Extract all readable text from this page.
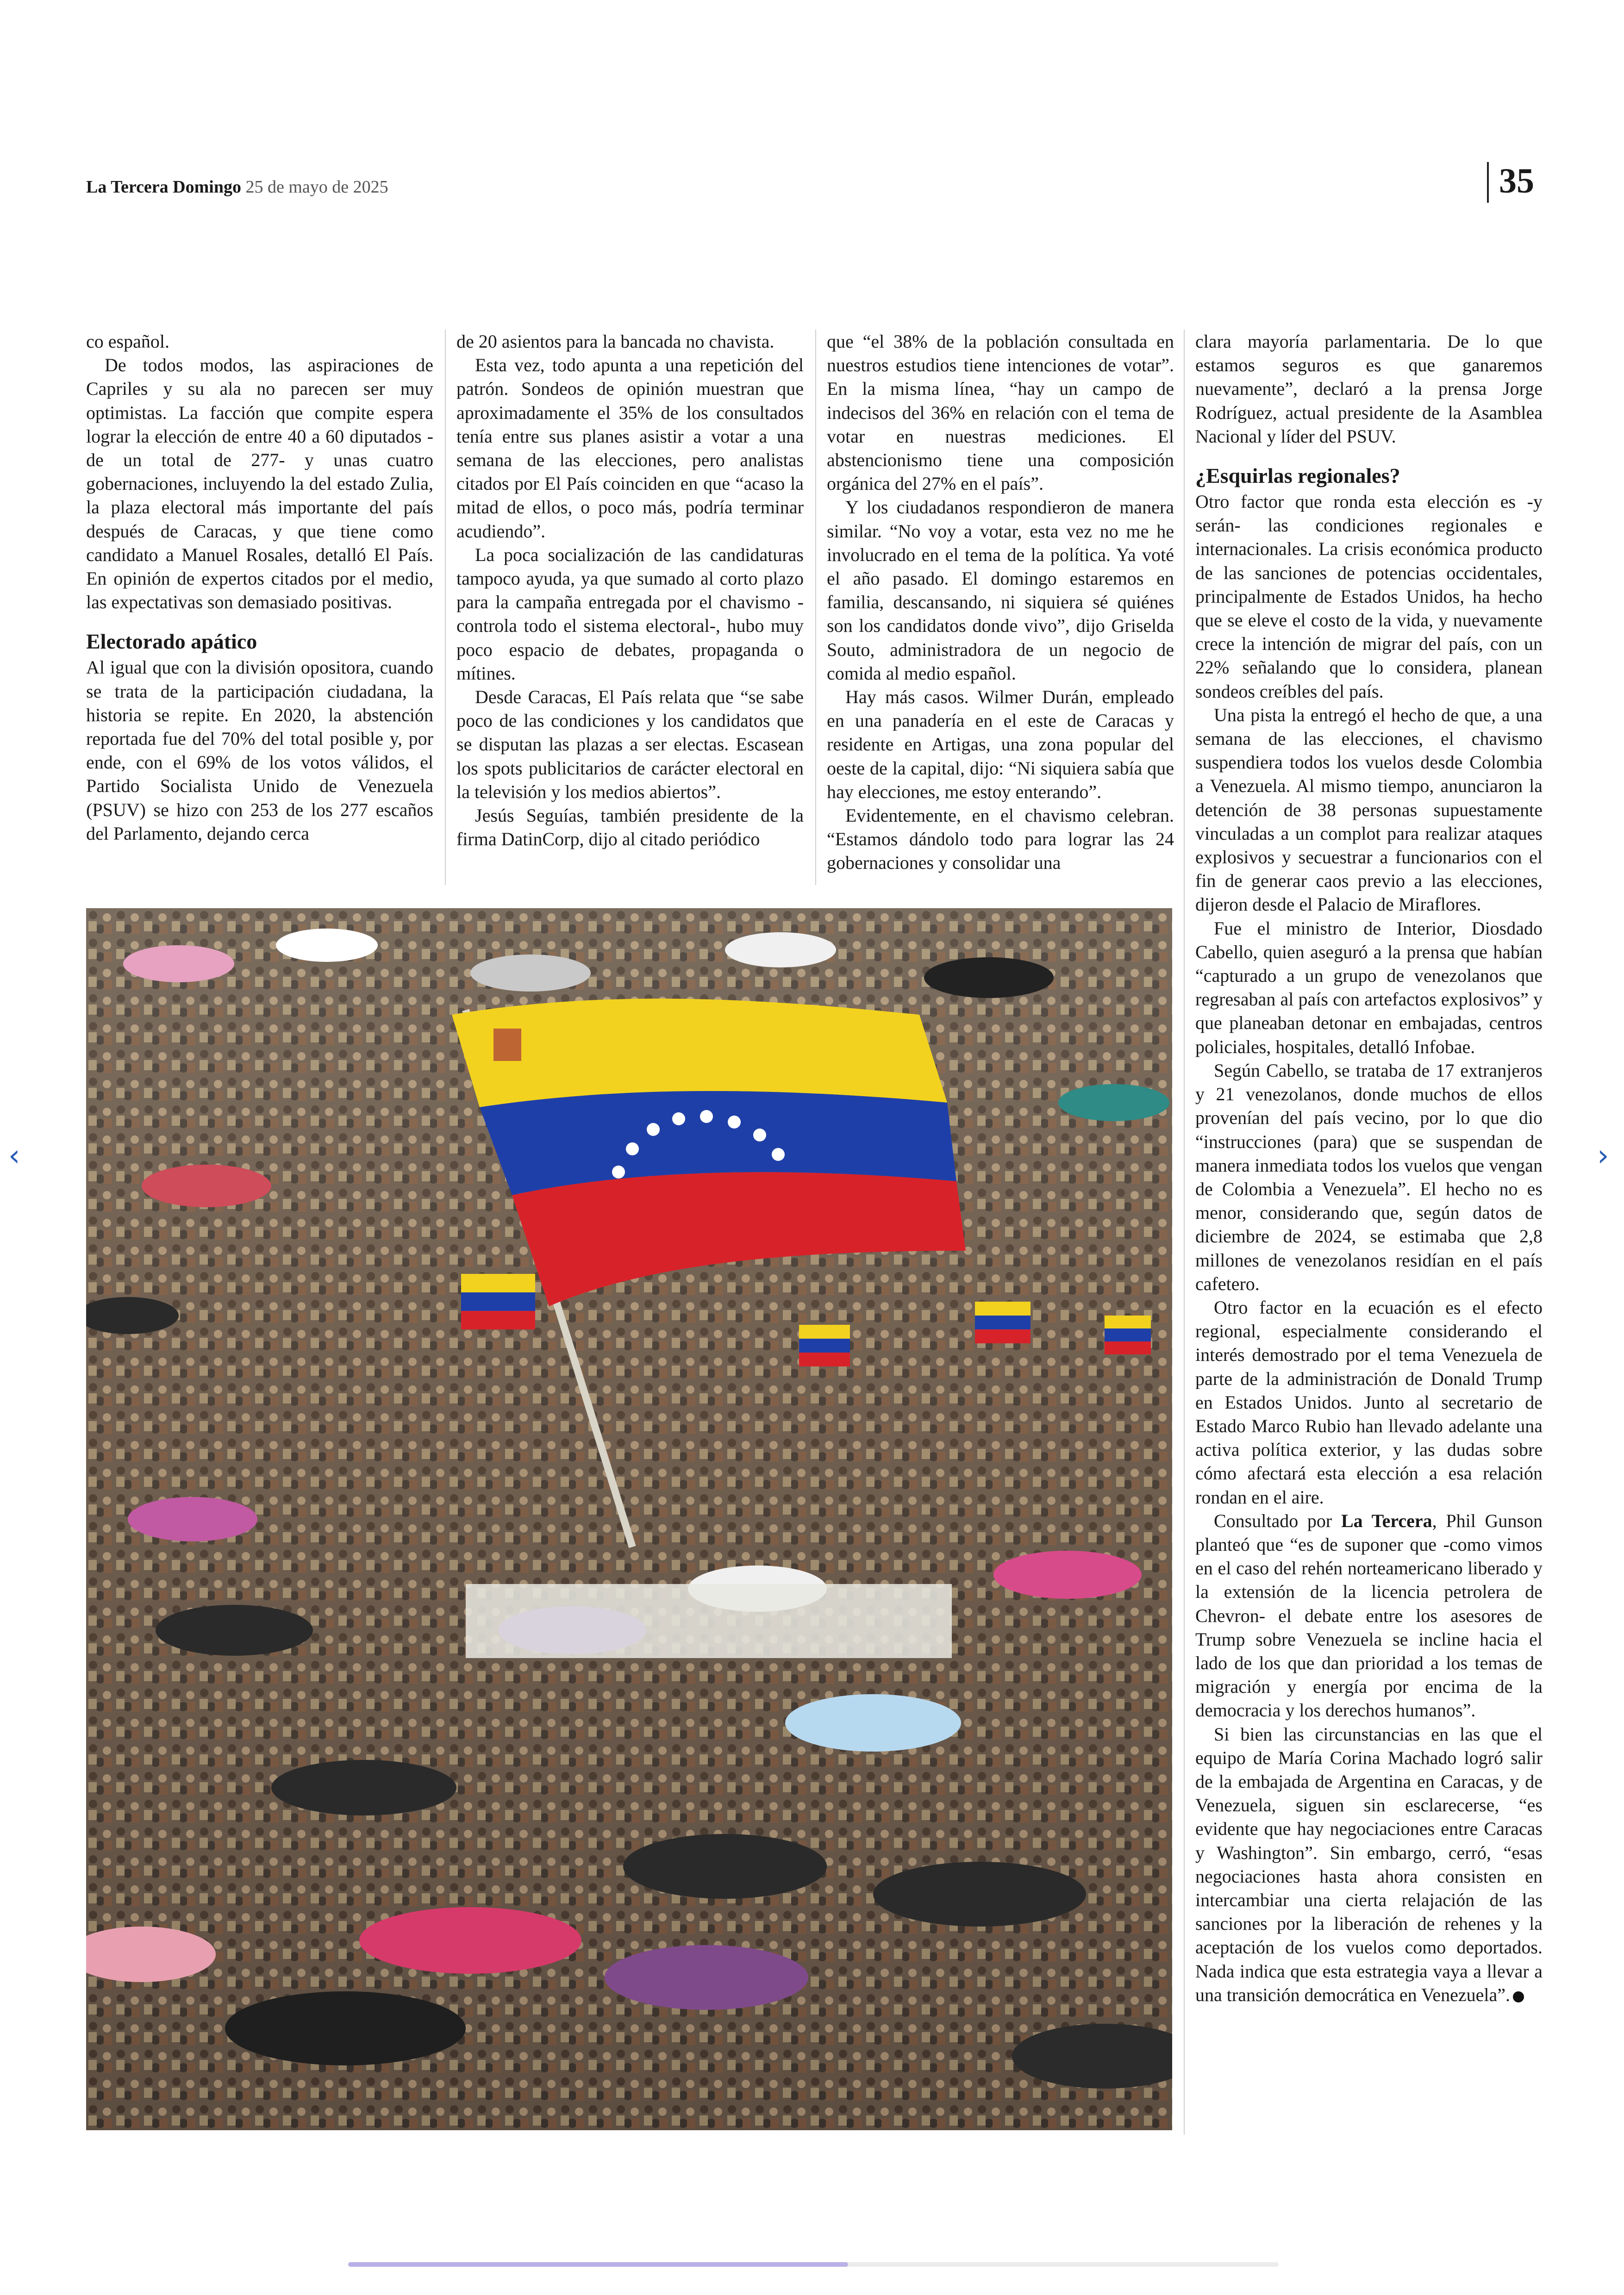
La Tercera Domingo 25 de mayo de 2025	35

co español.

De todos modos, las aspiraciones de Capriles y su ala no parecen ser muy optimistas. La facción que compite espera lograr la elección de entre 40 a 60 diputados -de un total de 277- y unas cuatro gobernaciones, incluyendo la del estado Zulia, la plaza electoral más importante del país después de Caracas, y que tiene como candidato a Manuel Rosales, detalló El País. En opinión de expertos citados por el medio, las expectativas son demasiado positivas.

Electorado apático

Al igual que con la división opositora, cuando se trata de la participación ciudadana, la historia se repite. En 2020, la abstención reportada fue del 70% del total posible y, por ende, con el 69% de los votos válidos, el Partido Socialista Unido de Venezuela (PSUV) se hizo con 253 de los 277 escaños del Parlamento, dejando cerca

de 20 asientos para la bancada no chavista.

Esta vez, todo apunta a una repetición del patrón. Sondeos de opinión muestran que aproximadamente el 35% de los consultados tenía entre sus planes asistir a votar a una semana de las elecciones, pero analistas citados por El País coinciden en que “acaso la mitad de ellos, o poco más, podría terminar acudiendo”.

La poca socialización de las candidaturas tampoco ayuda, ya que sumado al corto plazo para la campaña entregada por el chavismo -controla todo el sistema electoral-, hubo muy poco espacio de debates, propaganda o mítines.

Desde Caracas, El País relata que “se sabe poco de las condiciones y los candidatos que se disputan las plazas a ser electas. Escasean los spots publicitarios de carácter electoral en la televisión y los medios abiertos”.

Jesús Seguías, también presidente de la firma DatinCorp, dijo al citado periódico

que “el 38% de la población consultada en nuestros estudios tiene intenciones de votar”. En la misma línea, “hay un campo de indecisos del 36% en relación con el tema de votar en nuestras mediciones. El abstencionismo tiene una composición orgánica del 27% en el país”.

Y los ciudadanos respondieron de manera similar. “No voy a votar, esta vez no me he involucrado en el tema de la política. Ya voté el año pasado. El domingo estaremos en familia, descansando, ni siquiera sé quiénes son los candidatos donde vivo”, dijo Griselda Souto, administradora de un negocio de comida al medio español.

Hay más casos. Wilmer Durán, empleado en una panadería en el este de Caracas y residente en Artigas, una zona popular del oeste de la capital, dijo: “Ni siquiera sabía que hay elecciones, me estoy enterando”.

Evidentemente, en el chavismo celebran. “Estamos dándolo todo para lograr las 24 gobernaciones y consolidar una

clara mayoría parlamentaria. De lo que estamos seguros es que ganaremos nuevamente”, declaró a la prensa Jorge Rodríguez, actual presidente de la Asamblea Nacional y líder del PSUV.

¿Esquirlas regionales?

Otro factor que ronda esta elección es -y serán- las condiciones regionales e internacionales. La crisis económica producto de las sanciones de potencias occidentales, principalmente de Estados Unidos, ha hecho que se eleve el costo de la vida, y nuevamente crece la intención de migrar del país, con un 22% señalando que lo considera, planean sondeos creíbles del país.

Una pista la entregó el hecho de que, a una semana de las elecciones, el chavismo suspendiera todos los vuelos desde Colombia a Venezuela. Al mismo tiempo, anunciaron la detención de 38 personas supuestamente vinculadas a un complot para realizar ataques explosivos y secuestrar a funcionarios con el fin de generar caos previo a las elecciones, dijeron desde el Palacio de Miraflores.

Fue el ministro de Interior, Diosdado Cabello, quien aseguró a la prensa que habían “capturado a un grupo de venezolanos que regresaban al país con artefactos explosivos” y que planeaban detonar en embajadas, centros policiales, hospitales, detalló Infobae.

Según Cabello, se trataba de 17 extranjeros y 21 venezolanos, donde muchos de ellos provenían del país vecino, por lo que dio “instrucciones (para) que se suspendan de manera inmediata todos los vuelos que vengan de Colombia a Venezuela”. El hecho no es menor, considerando que, según datos de diciembre de 2024, se estimaba que 2,8 millones de venezolanos residían en el país cafetero.

Otro factor en la ecuación es el efecto regional, especialmente considerando el interés demostrado por el tema Venezuela de parte de la administración de Donald Trump en Estados Unidos. Junto al secretario de Estado Marco Rubio han llevado adelante una activa política exterior, y las dudas sobre cómo afectará esta elección a esa relación rondan en el aire.

Consultado por La Tercera, Phil Gunson planteó que “es de suponer que -como vimos en el caso del rehén norteamericano liberado y la extensión de la licencia petrolera de Chevron- el debate entre los asesores de Trump sobre Venezuela se incline hacia el lado de los que dan prioridad a los temas de migración y energía por encima de la democracia y los derechos humanos”.

Si bien las circunstancias en las que el equipo de María Corina Machado logró salir de la embajada de Argentina en Caracas, y de Venezuela, siguen sin esclarecerse, “es evidente que hay negociaciones entre Caracas y Washington”. Sin embargo, cerró, “esas negociaciones hasta ahora consisten en intercambiar una cierta relajación de las sanciones por la liberación de rehenes y la aceptación de los vuelos como deportados. Nada indica que esta estrategia vaya a llevar a una transición democrática en Venezuela”.

‹	›
